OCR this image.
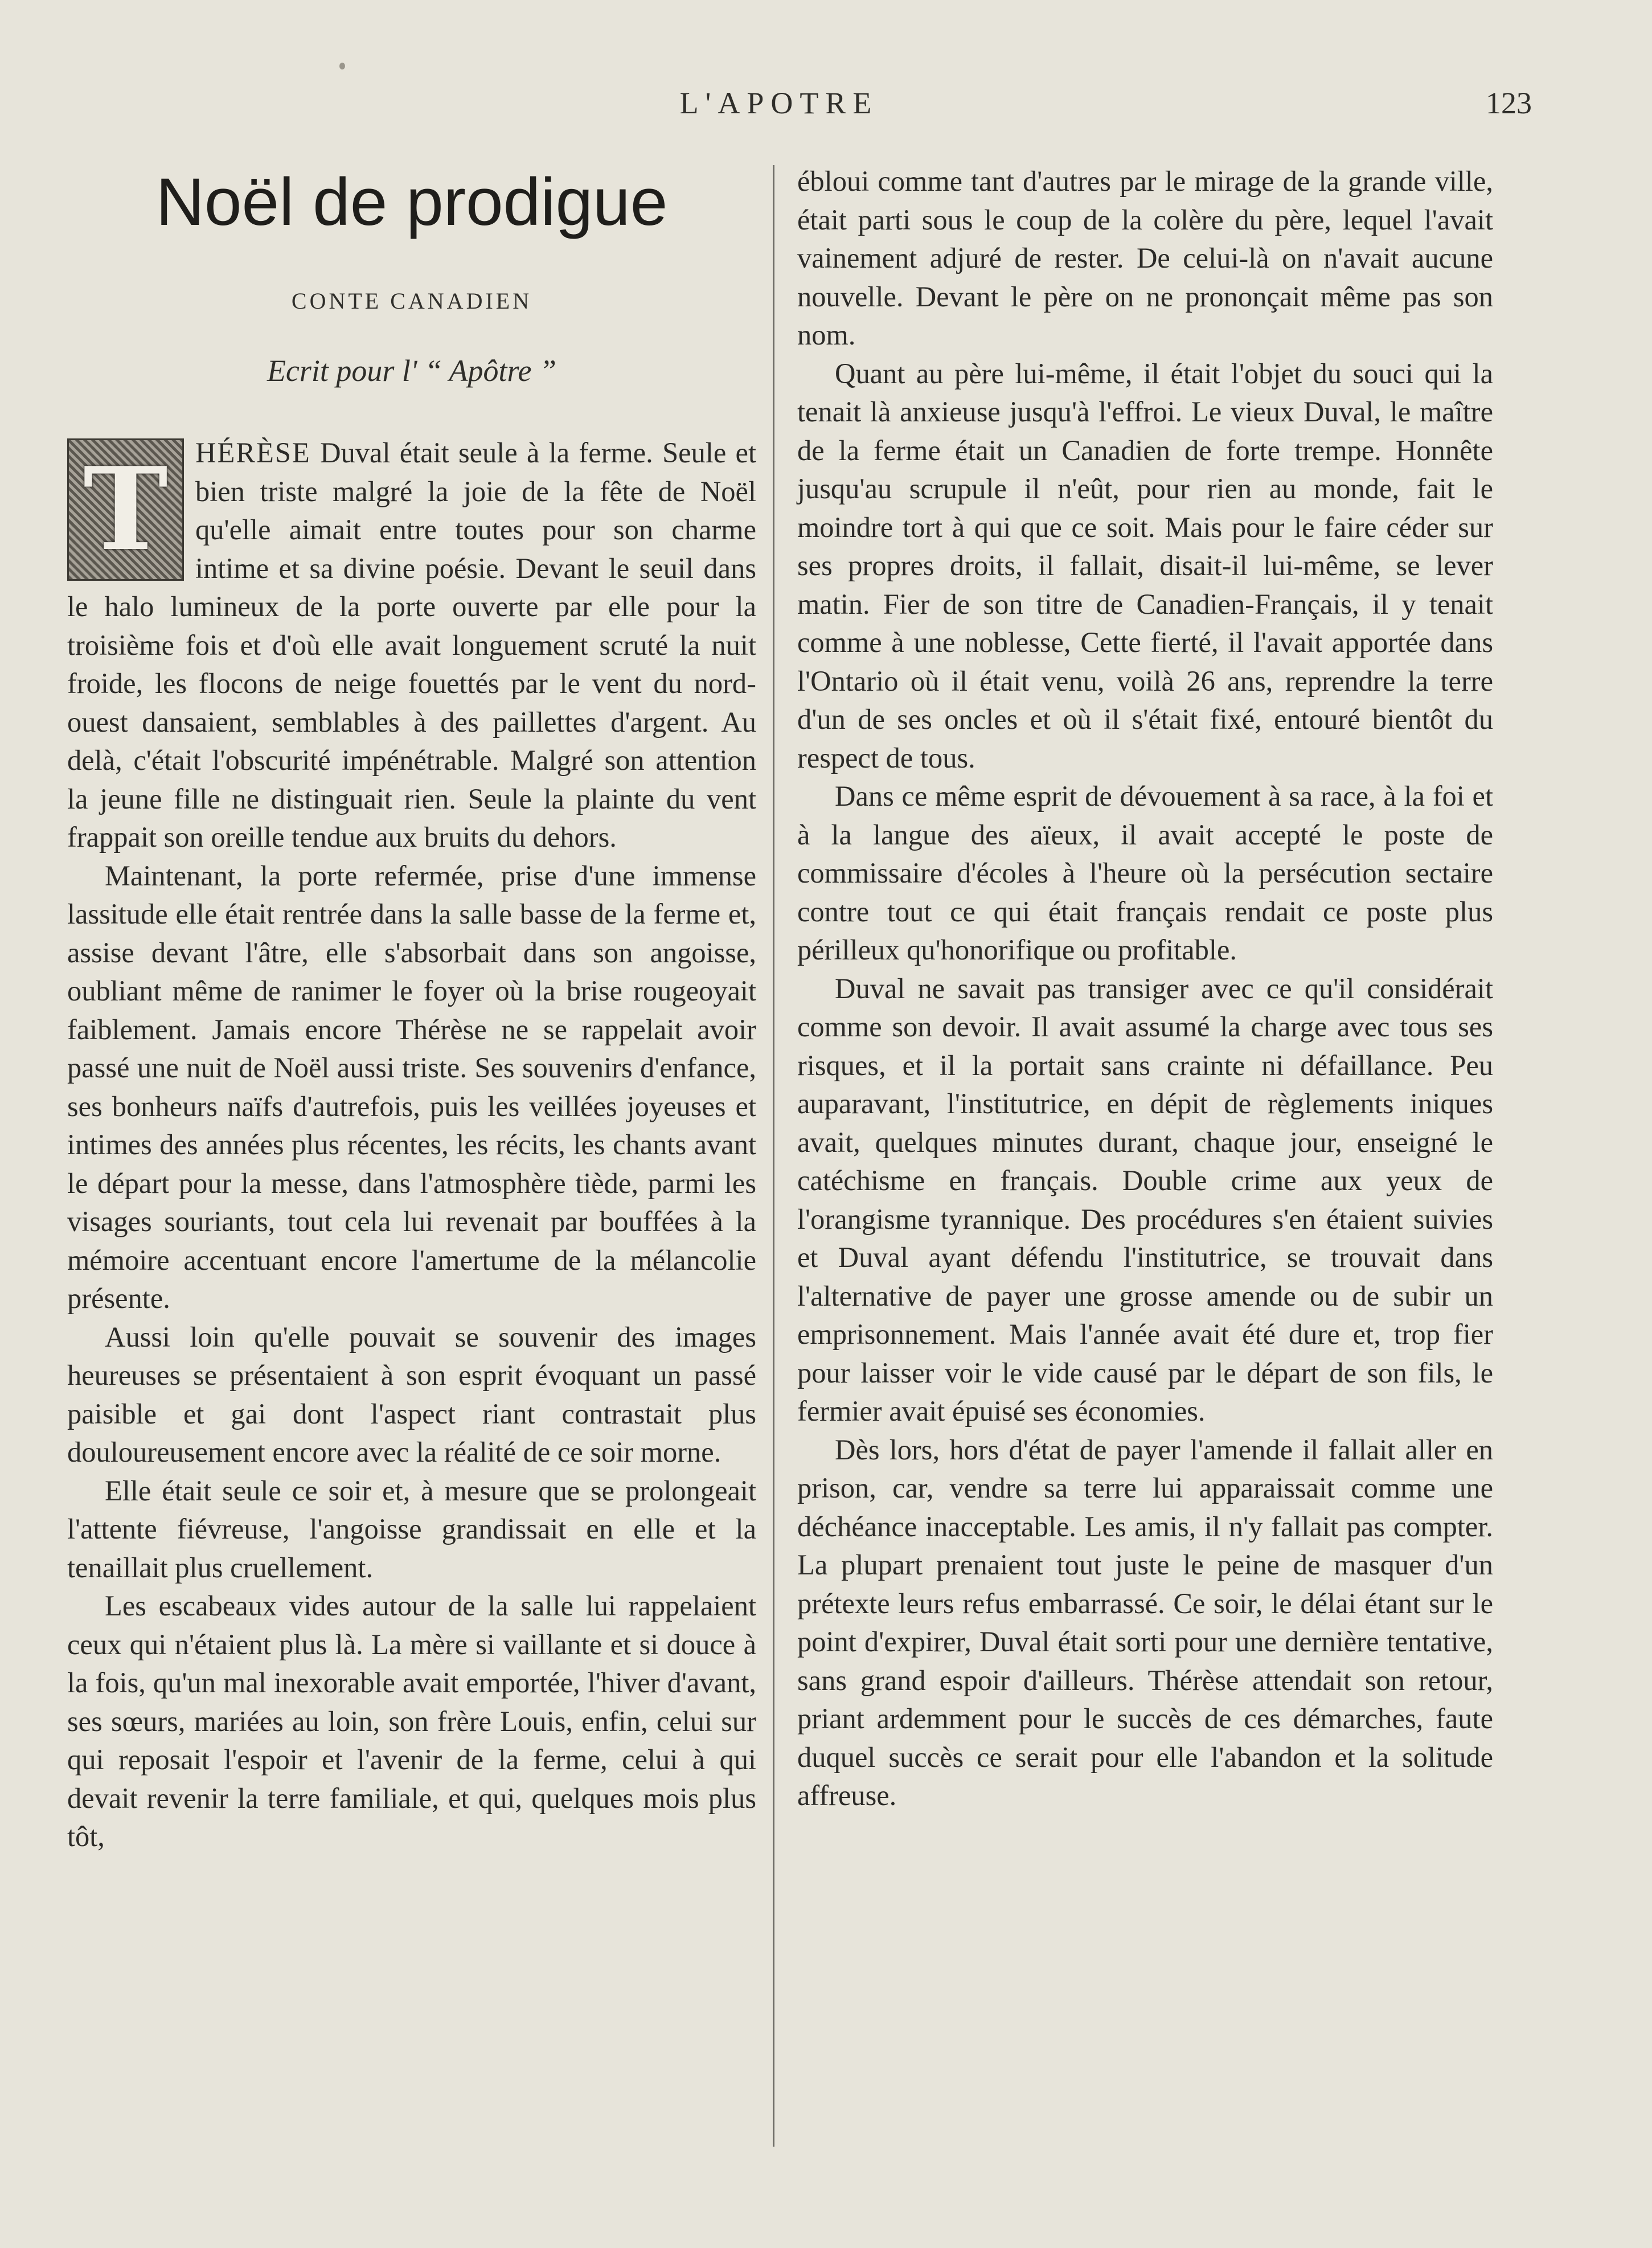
L'APOTRE	123
Noël de prodigue
CONTE CANADIEN
Ecrit pour l' “ Apôtre ”

T HÉRÈSE Duval était seule à la ferme. Seule et bien triste malgré la joie de la fête de Noël qu'elle aimait entre toutes pour son charme intime et sa divine poésie. Devant le seuil dans le halo lumineux de la porte ouverte par elle pour la troisième fois et d'où elle avait longuement scruté la nuit froide, les flocons de neige fouettés par le vent du nord-ouest dansaient, semblables à des paillettes d'argent. Au delà, c'était l'obscurité impénétrable. Malgré son attention la jeune fille ne distinguait rien. Seule la plainte du vent frappait son oreille tendue aux bruits du dehors.

Maintenant, la porte refermée, prise d'une immense lassitude elle était rentrée dans la salle basse de la ferme et, assise devant l'âtre, elle s'absorbait dans son angoisse, oubliant même de ranimer le foyer où la brise rougeoyait faiblement. Jamais encore Thérèse ne se rappelait avoir passé une nuit de Noël aussi triste. Ses souvenirs d'enfance, ses bonheurs naïfs d'autrefois, puis les veillées joyeuses et intimes des années plus récentes, les récits, les chants avant le départ pour la messe, dans l'atmosphère tiède, parmi les visages souriants, tout cela lui revenait par bouffées à la mémoire accentuant encore l'amertume de la mélancolie présente.

Aussi loin qu'elle pouvait se souvenir des images heureuses se présentaient à son esprit évoquant un passé paisible et gai dont l'aspect riant contrastait plus douloureusement encore avec la réalité de ce soir morne.

Elle était seule ce soir et, à mesure que se prolongeait l'attente fiévreuse, l'angoisse grandissait en elle et la tenaillait plus cruellement.

Les escabeaux vides autour de la salle lui rappelaient ceux qui n'étaient plus là. La mère si vaillante et si douce à la fois, qu'un mal inexorable avait emportée, l'hiver d'avant, ses sœurs, mariées au loin, son frère Louis, enfin, celui sur qui reposait l'espoir et l'avenir de la ferme, celui à qui devait revenir la terre familiale, et qui, quelques mois plus tôt,

ébloui comme tant d'autres par le mirage de la grande ville, était parti sous le coup de la colère du père, lequel l'avait vainement adjuré de rester. De celui-là on n'avait aucune nouvelle. Devant le père on ne prononçait même pas son nom.

Quant au père lui-même, il était l'objet du souci qui la tenait là anxieuse jusqu'à l'effroi. Le vieux Duval, le maître de la ferme était un Canadien de forte trempe. Honnête jusqu'au scrupule il n'eût, pour rien au monde, fait le moindre tort à qui que ce soit. Mais pour le faire céder sur ses propres droits, il fallait, disait-il lui-même, se lever matin. Fier de son titre de Canadien-Français, il y tenait comme à une noblesse, Cette fierté, il l'avait apportée dans l'Ontario où il était venu, voilà 26 ans, reprendre la terre d'un de ses oncles et où il s'était fixé, entouré bientôt du respect de tous.

Dans ce même esprit de dévouement à sa race, à la foi et à la langue des aïeux, il avait accepté le poste de commissaire d'écoles à l'heure où la persécution sectaire contre tout ce qui était français rendait ce poste plus périlleux qu'honorifique ou profitable.

Duval ne savait pas transiger avec ce qu'il considérait comme son devoir. Il avait assumé la charge avec tous ses risques, et il la portait sans crainte ni défaillance. Peu auparavant, l'institutrice, en dépit de règlements iniques avait, quelques minutes durant, chaque jour, enseigné le catéchisme en français. Double crime aux yeux de l'orangisme tyrannique. Des procédures s'en étaient suivies et Duval ayant défendu l'institutrice, se trouvait dans l'alternative de payer une grosse amende ou de subir un emprisonnement. Mais l'année avait été dure et, trop fier pour laisser voir le vide causé par le départ de son fils, le fermier avait épuisé ses économies.

Dès lors, hors d'état de payer l'amende il fallait aller en prison, car, vendre sa terre lui apparaissait comme une déchéance inacceptable. Les amis, il n'y fallait pas compter. La plupart prenaient tout juste le peine de masquer d'un prétexte leurs refus embarrassé. Ce soir, le délai étant sur le point d'expirer, Duval était sorti pour une dernière tentative, sans grand espoir d'ailleurs. Thérèse attendait son retour, priant ardemment pour le succès de ces démarches, faute duquel succès ce serait pour elle l'abandon et la solitude affreuse.
